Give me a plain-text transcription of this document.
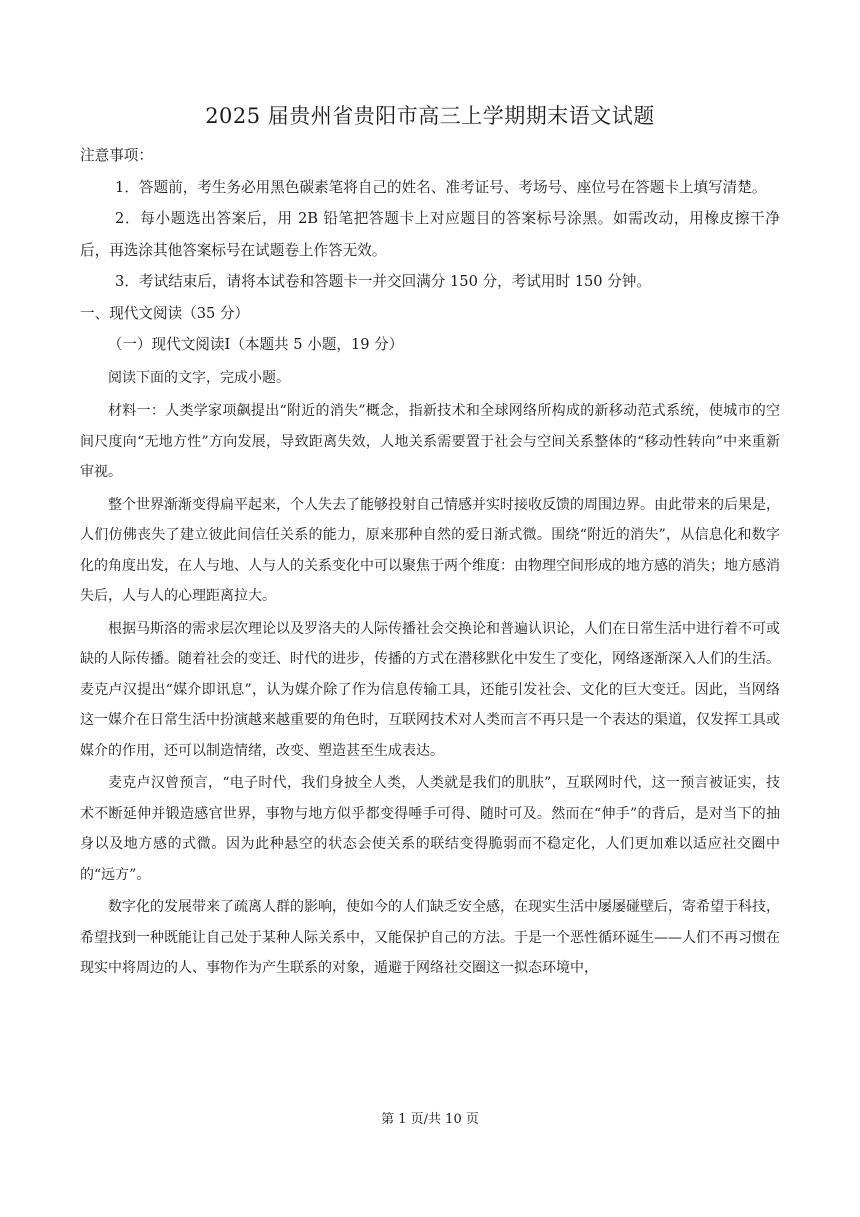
2025 届贵州省贵阳市高三上学期期末语文试题

注意事项：

1．答题前，考生务必用黑色碳素笔将自己的姓名、准考证号、考场号、座位号在答题卡上填写清楚。

2．每小题选出答案后，用 2B 铅笔把答题卡上对应题目的答案标号涂黑。如需改动，用橡皮擦干净后，再选涂其他答案标号在试题卷上作答无效。

3．考试结束后，请将本试卷和答题卡一并交回满分 150 分，考试用时 150 分钟。

一、现代文阅读（35 分）

（一）现代文阅读Ⅰ（本题共 5 小题，19 分）

阅读下面的文字，完成小题。

材料一：人类学家项飙提出“附近的消失”概念，指新技术和全球网络所构成的新移动范式系统，使城市的空间尺度向“无地方性”方向发展，导致距离失效，人地关系需要置于社会与空间关系整体的“移动性转向”中来重新审视。

整个世界渐渐变得扁平起来，个人失去了能够投射自己情感并实时接收反馈的周围边界。由此带来的后果是，人们仿佛丧失了建立彼此间信任关系的能力，原来那种自然的爱日渐式微。围绕“附近的消失”，从信息化和数字化的角度出发，在人与地、人与人的关系变化中可以聚焦于两个维度：由物理空间形成的地方感的消失；地方感消失后，人与人的心理距离拉大。

根据马斯洛的需求层次理论以及罗洛夫的人际传播社会交换论和普遍认识论，人们在日常生活中进行着不可或缺的人际传播。随着社会的变迁、时代的进步，传播的方式在潜移默化中发生了变化，网络逐渐深入人们的生活。麦克卢汉提出“媒介即讯息”，认为媒介除了作为信息传输工具，还能引发社会、文化的巨大变迁。因此，当网络这一媒介在日常生活中扮演越来越重要的角色时，互联网技术对人类而言不再只是一个表达的渠道，仅发挥工具或媒介的作用，还可以制造情绪，改变、塑造甚至生成表达。

麦克卢汉曾预言，“电子时代，我们身披全人类，人类就是我们的肌肤”，互联网时代，这一预言被证实，技术不断延伸并锻造感官世界，事物与地方似乎都变得唾手可得、随时可及。然而在“伸手”的背后，是对当下的抽身以及地方感的式微。因为此种悬空的状态会使关系的联结变得脆弱而不稳定化，人们更加难以适应社交圈中的“远方”。

数字化的发展带来了疏离人群的影响，使如今的人们缺乏安全感，在现实生活中屡屡碰壁后，寄希望于科技，希望找到一种既能让自己处于某种人际关系中，又能保护自己的方法。于是一个恶性循环诞生——人们不再习惯在现实中将周边的人、事物作为产生联系的对象，遁避于网络社交圈这一拟态环境中，

第 1 页/共 10 页
